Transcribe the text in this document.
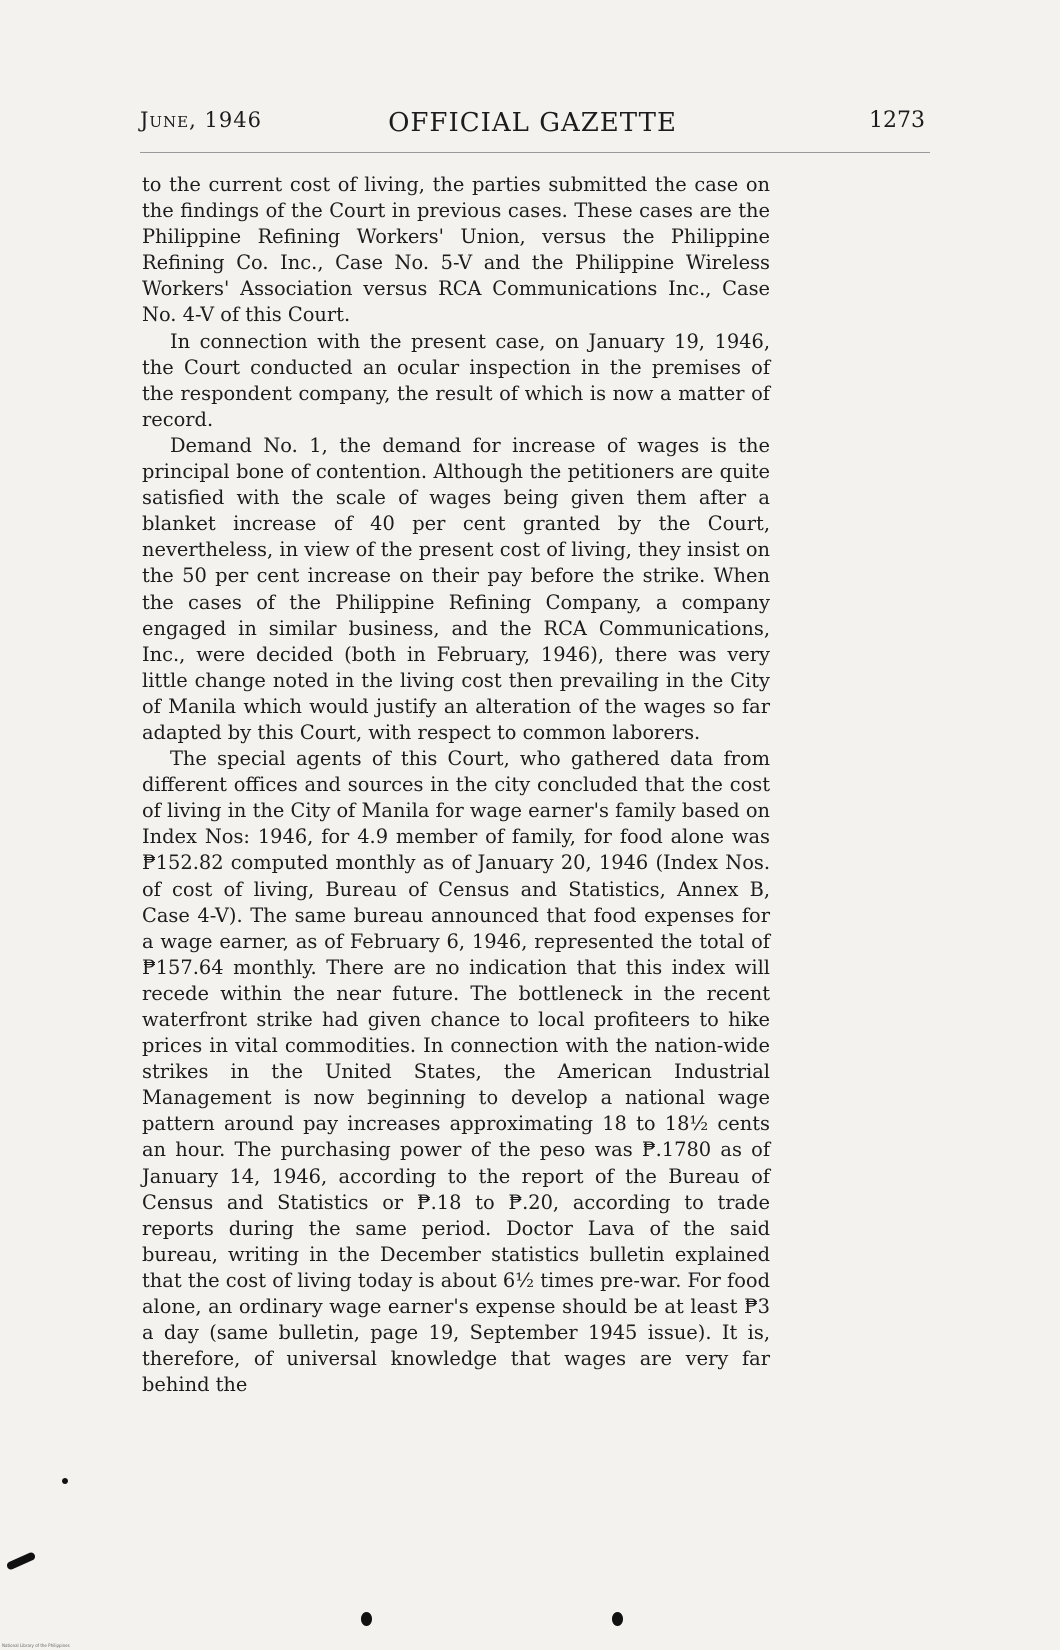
June, 1946	OFFICIAL GAZETTE	1273

to the current cost of living, the parties submitted the case on the findings of the Court in previous cases. These cases are the Philippine Refining Workers' Union, versus the Philippine Refining Co. Inc., Case No. 5-V and the Philippine Wireless Workers' Association versus RCA Communications Inc., Case No. 4-V of this Court.

In connection with the present case, on January 19, 1946, the Court conducted an ocular inspection in the premises of the respondent company, the result of which is now a matter of record.

Demand No. 1, the demand for increase of wages is the principal bone of contention. Although the petitioners are quite satisfied with the scale of wages being given them after a blanket increase of 40 per cent granted by the Court, nevertheless, in view of the present cost of living, they insist on the 50 per cent increase on their pay before the strike. When the cases of the Philippine Refining Company, a company engaged in similar business, and the RCA Communications, Inc., were decided (both in February, 1946), there was very little change noted in the living cost then prevailing in the City of Manila which would justify an alteration of the wages so far adapted by this Court, with respect to common laborers.

The special agents of this Court, who gathered data from different offices and sources in the city concluded that the cost of living in the City of Manila for wage earner's family based on Index Nos: 1946, for 4.9 member of family, for food alone was ₱152.82 computed monthly as of January 20, 1946 (Index Nos. of cost of living, Bureau of Census and Statistics, Annex B, Case 4-V). The same bureau announced that food expenses for a wage earner, as of February 6, 1946, represented the total of ₱157.64 monthly. There are no indication that this index will recede within the near future. The bottleneck in the recent waterfront strike had given chance to local profiteers to hike prices in vital commodities. In connection with the nation-wide strikes in the United States, the American Industrial Management is now beginning to develop a national wage pattern around pay increases approximating 18 to 18½ cents an hour. The purchasing power of the peso was ₱.1780 as of January 14, 1946, according to the report of the Bureau of Census and Statistics or ₱.18 to ₱.20, according to trade reports during the same period. Doctor Lava of the said bureau, writing in the December statistics bulletin explained that the cost of living today is about 6½ times pre-war. For food alone, an ordinary wage earner's expense should be at least ₱3 a day (same bulletin, page 19, September 1945 issue). It is, therefore, of universal knowledge that wages are very far behind the

National Library of the Philippines
